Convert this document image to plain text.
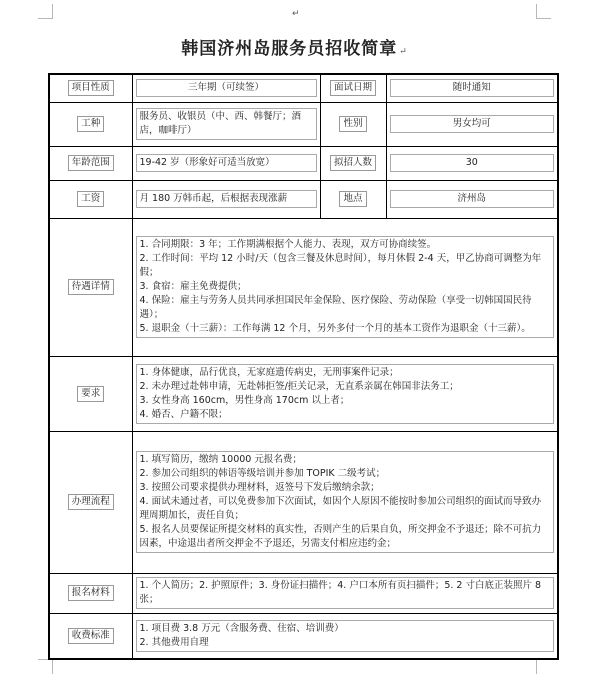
↵
韩国济州岛服务员招收简章 ↵
项目性质	三年期（可续签）	面试日期	随时通知

工种	服务员、收银员（中、西、韩餐厅；酒店，咖啡厅）	性别	男女均可

年龄范围	19-42 岁（形象好可适当放宽）	拟招人数	30

工资	月 180 万韩币起，后根据表现涨薪	地点	济州岛

待遇详情	1. 合同期限：3 年；工作期满根据个人能力、表现，双方可协商续签。
2. 工作时间：平均 12 小时/天（包含三餐及休息时间），每月休假 2-4 天，甲乙协商可调整为年假；
3. 食宿：雇主免费提供；
4. 保险：雇主与劳务人员共同承担国民年金保险、医疗保险、劳动保险（享受一切韩国国民待遇）；
5. 退职金（十三薪）：工作每满 12 个月，另外多付一个月的基本工资作为退职金（十三薪）。		

要求	1. 身体健康，品行优良，无家庭遗传病史，无刑事案件记录；
2. 未办理过赴韩申请，无赴韩拒签/拒关记录，无直系亲属在韩国非法务工；
3. 女性身高 160cm，男性身高 170cm 以上者；
4. 婚否、户籍不限；		

办理流程	1. 填写简历，缴纳 10000 元报名费；
2. 参加公司组织的韩语等级培训并参加 TOPIK 二级考试；
3. 按照公司要求提供办理材料，返签号下发后缴纳余款；
4. 面试未通过者，可以免费参加下次面试，如因个人原因不能按时参加公司组织的面试而导致办理周期加长，责任自负；
5. 报名人员要保证所提交材料的真实性，否则产生的后果自负，所交押金不予退还；除不可抗力因素，中途退出者所交押金不予退还，另需支付相应违约金；		

报名材料	1. 个人简历；2. 护照原件；3. 身份证扫描件；4. 户口本所有页扫描件；5. 2 寸白底正装照片 8 张；		

收费标准	1. 项目费 3.8 万元（含服务费、住宿、培训费）
2. 其他费用自理		
